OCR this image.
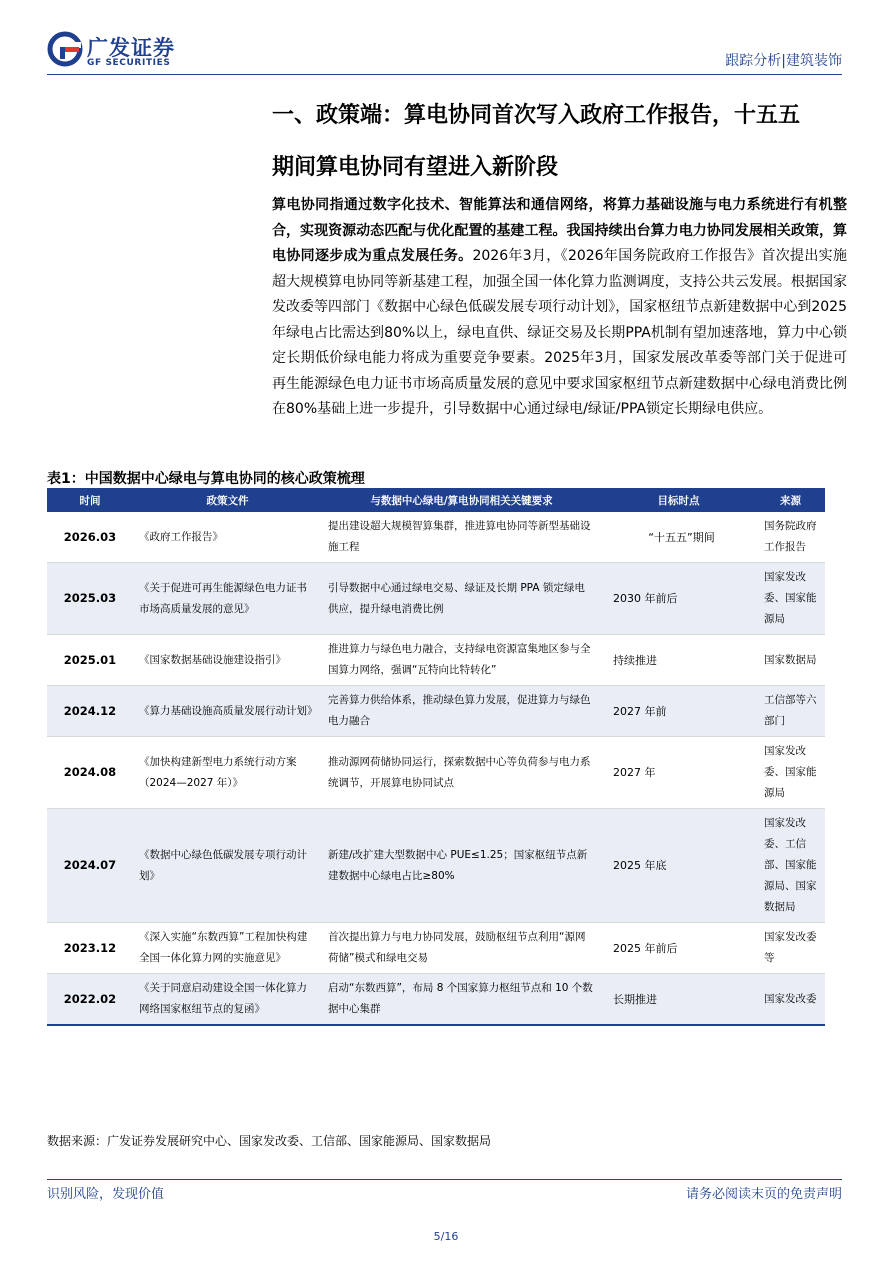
广发证券
GF SECURITIES	跟踪分析|建筑装饰
一、政策端：算电协同首次写入政府工作报告，十五五
期间算电协同有望进入新阶段
算电协同指通过数字化技术、智能算法和通信网络，将算力基础设施与电力系统进行有机整合，实现资源动态匹配与优化配置的基建工程。我国持续出台算力电力协同发展相关政策，算电协同逐步成为重点发展任务。2026年3月，《2026年国务院政府工作报告》首次提出实施超大规模算电协同等新基建工程，加强全国一体化算力监测调度，支持公共云发展。根据国家发改委等四部门《数据中心绿色低碳发展专项行动计划》，国家枢纽节点新建数据中心到2025年绿电占比需达到80%以上，绿电直供、绿证交易及长期PPA机制有望加速落地，算力中心锁定长期低价绿电能力将成为重要竞争要素。2025年3月，国家发展改革委等部门关于促进可再生能源绿色电力证书市场高质量发展的意见中要求国家枢纽节点新建数据中心绿电消费比例在80%基础上进一步提升，引导数据中心通过绿电/绿证/PPA锁定长期绿电供应。
表1：中国数据中心绿电与算电协同的核心政策梳理
时间	政策文件	与数据中心绿电/算电协同相关关键要求	目标时点	来源
2026.03	《政府工作报告》	提出建设超大规模智算集群，推进算电协同等新型基础设施工程	“十五五”期间	国务院政府工作报告
2025.03	《关于促进可再生能源绿色电力证书市场高质量发展的意见》	引导数据中心通过绿电交易、绿证及长期 PPA 锁定绿电供应，提升绿电消费比例	2030 年前后	国家发改委、国家能源局
2025.01	《国家数据基础设施建设指引》	推进算力与绿色电力融合，支持绿电资源富集地区参与全国算力网络，强调“瓦特向比特转化”	持续推进	国家数据局
2024.12	《算力基础设施高质量发展行动计划》	完善算力供给体系，推动绿色算力发展，促进算力与绿色电力融合	2027 年前	工信部等六部门
2024.08	《加快构建新型电力系统行动方案（2024—2027 年）》	推动源网荷储协同运行，探索数据中心等负荷参与电力系统调节，开展算电协同试点	2027 年	国家发改委、国家能源局
2024.07	《数据中心绿色低碳发展专项行动计划》	新建/改扩建大型数据中心 PUE≤1.25；国家枢纽节点新建数据中心绿电占比≥80%	2025 年底	国家发改委、工信部、国家能源局、国家数据局
2023.12	《深入实施“东数西算”工程加快构建全国一体化算力网的实施意见》	首次提出算力与电力协同发展，鼓励枢纽节点利用“源网荷储”模式和绿电交易	2025 年前后	国家发改委等
2022.02	《关于同意启动建设全国一体化算力网络国家枢纽节点的复函》	启动“东数西算”，布局 8 个国家算力枢纽节点和 10 个数据中心集群	长期推进	国家发改委
数据来源：广发证券发展研究中心、国家发改委、工信部、国家能源局、国家数据局
识别风险，发现价值	请务必阅读末页的免责声明
5/16
